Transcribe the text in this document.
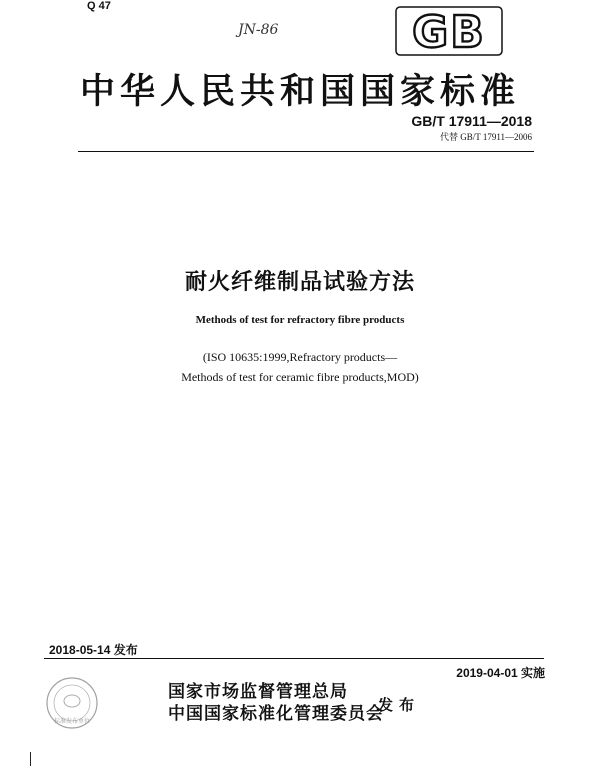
Q 47
JN-86	GB
中华人民共和国国家标准
GB/T 17911—2018
代替 GB/T 17911—2006
耐火纤维制品试验方法
Methods of test for refractory fibre products
(ISO 10635:1999,Refractory products—
Methods of test for ceramic fibre products,MOD)
2018-05-14 发布
2019-04-01 实施
标准发布单位
国家市场监督管理总局
中国国家标准化管理委员会
发布
